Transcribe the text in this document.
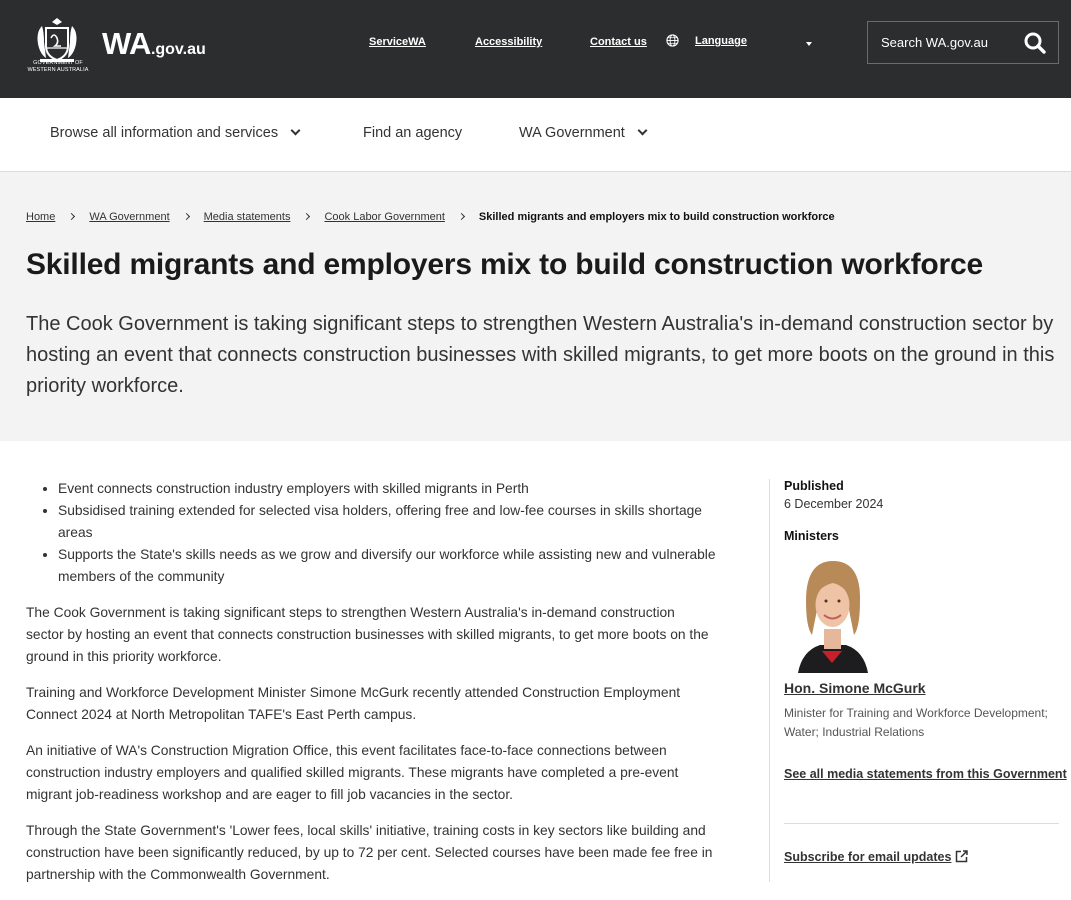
GOVERNMENT OF WESTERN AUSTRALIA
WA.gov.au	ServiceWA	Accessibility	Contact us	Language
Search WA.gov.au
Browse all information and services	Find an agency	WA Government
Home	WA Government	Media statements	Cook Labor Government	Skilled migrants and employers mix to build construction workforce
Skilled migrants and employers mix to build construction workforce

The Cook Government is taking significant steps to strengthen Western Australia's in-demand construction sector by hosting an event that connects construction businesses with skilled migrants, to get more boots on the ground in this priority workforce.

• Event connects construction industry employers with skilled migrants in Perth
• Subsidised training extended for selected visa holders, offering free and low-fee courses in skills shortage areas
• Supports the State's skills needs as we grow and diversify our workforce while assisting new and vulnerable members of the community

The Cook Government is taking significant steps to strengthen Western Australia's in-demand construction sector by hosting an event that connects construction businesses with skilled migrants, to get more boots on the ground in this priority workforce.

Training and Workforce Development Minister Simone McGurk recently attended Construction Employment Connect 2024 at North Metropolitan TAFE's East Perth campus.

An initiative of WA's Construction Migration Office, this event facilitates face-to-face connections between construction industry employers and qualified skilled migrants. These migrants have completed a pre-event migrant job-readiness workshop and are eager to fill job vacancies in the sector.

Through the State Government's 'Lower fees, local skills' initiative, training costs in key sectors like building and construction have been significantly reduced, by up to 72 per cent. Selected courses have been made fee free in partnership with the Commonwealth Government.

Published
6 December 2024
Ministers
Hon. Simone McGurk
Minister for Training and Workforce Development; Water; Industrial Relations
See all media statements from this Government
Subscribe for email updates
